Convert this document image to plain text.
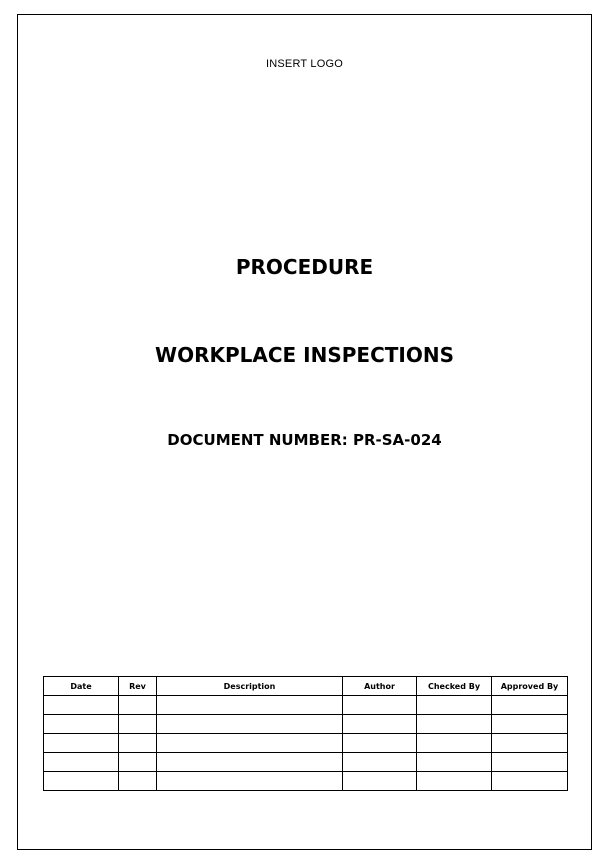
INSERT LOGO
PROCEDURE
WORKPLACE INSPECTIONS
DOCUMENT NUMBER: PR-SA-024
Date	Rev	Description	Author	Checked By	Approved By
